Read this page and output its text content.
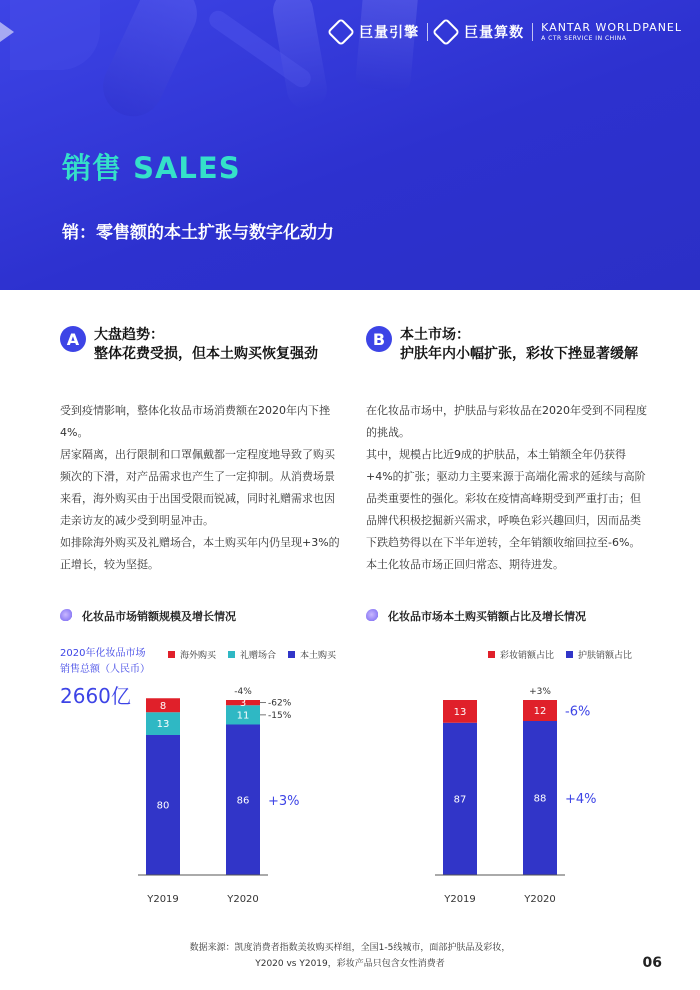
巨量引擎	巨量算数 KANTAR WORLDPANEL
A CTR SERVICE IN CHINA
销售 SALES
销：零售额的本土扩张与数字化动力
A	大盘趋势：
整体花费受损，但本土购买恢复强劲

受到疫情影响，整体化妆品市场消费额在2020年内下挫4%。

居家隔离，出行限制和口罩佩戴都一定程度地导致了购买频次的下滑，对产品需求也产生了一定抑制。从消费场景来看，海外购买由于出国受限而锐减，同时礼赠需求也因走亲访友的减少受到明显冲击。

如排除海外购买及礼赠场合，本土购买年内仍呈现+3%的正增长，较为坚挺。

B	本土市场：
护肤年内小幅扩张，彩妆下挫显著缓解

在化妆品市场中，护肤品与彩妆品在2020年受到不同程度的挑战。

其中，规模占比近9成的护肤品，本土销额全年仍获得+4%的扩张；驱动力主要来源于高端化需求的延续与高阶品类重要性的强化。彩妆在疫情高峰期受到严重打击；但品牌代积极挖掘新兴需求，呼唤色彩兴趣回归，因而品类下跌趋势得以在下半年逆转，全年销额收缩回拉至-6%。

本土化妆品市场正回归常态、期待进发。

化妆品市场销额规模及增长情况
2020年化妆品市场
销售总额（人民币）
2660亿
海外购买	礼赠场合	本土购买
80
13
8
Y2019
86
11
3
Y2020
-4%
-62%
-15%
+3%
化妆品市场本土购买销额占比及增长情况
彩妆销额占比	护肤销额占比
87
13
Y2019
88
12
Y2020
+3%
-6%
+4%
数据来源：凯度消费者指数美妆购买样组，全国1-5线城市，面部护肤品及彩妆，
Y2020 vs Y2019，彩妆产品只包含女性消费者	06
